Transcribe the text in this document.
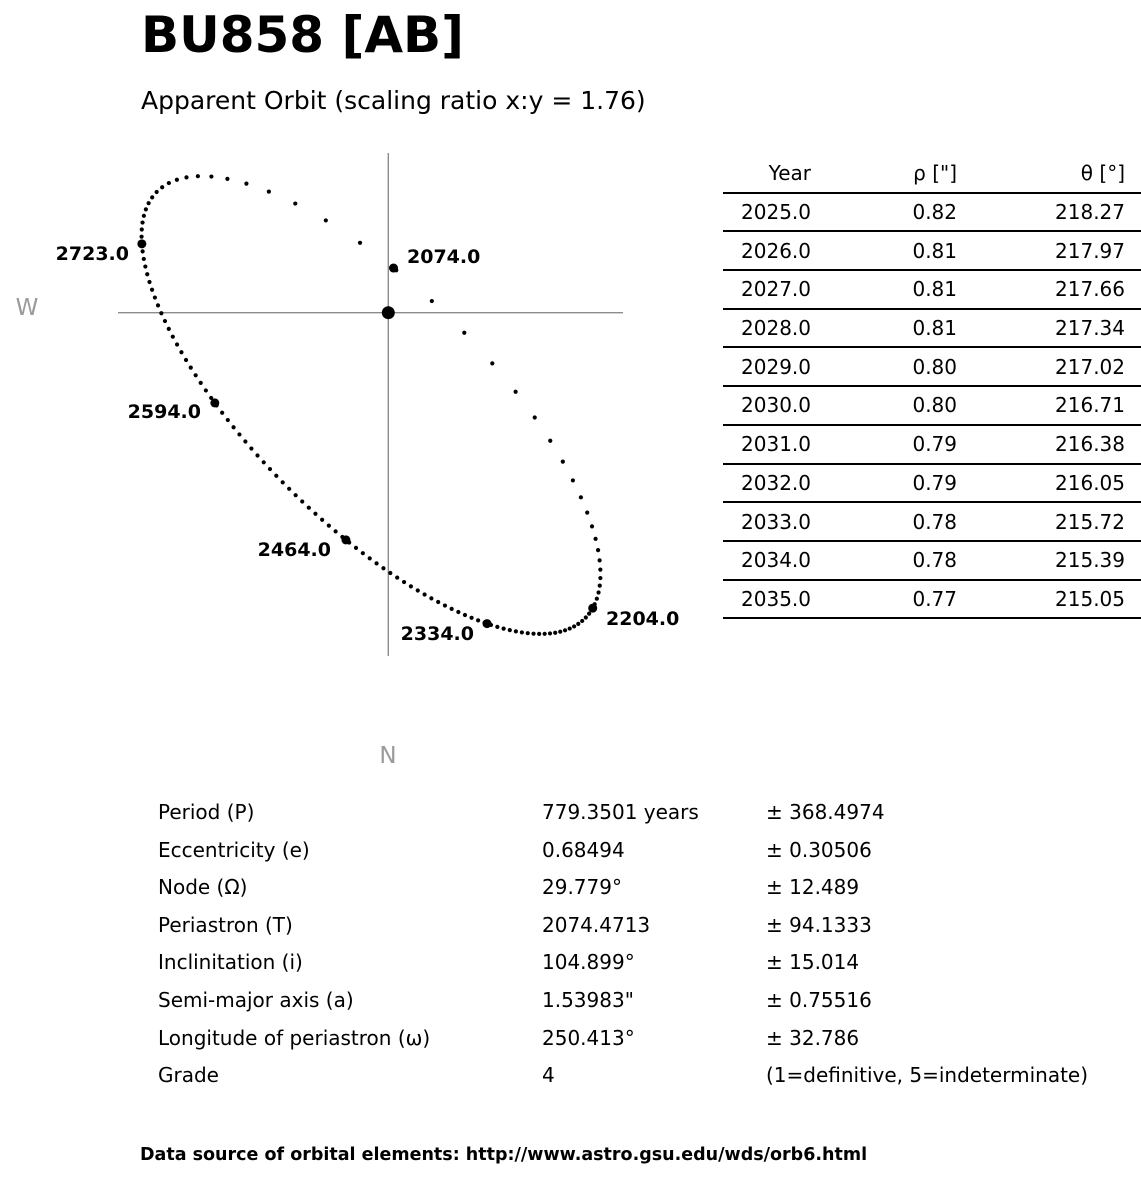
BU858 [AB]
Apparent Orbit (scaling ratio x:y = 1.76)
2074.0
2204.0
2334.0
2464.0
2594.0
2723.0
W
N
Year	ρ ["]	θ [°]
2025.0	0.82	218.27
2026.0	0.81	217.97
2027.0	0.81	217.66
2028.0	0.81	217.34
2029.0	0.80	217.02
2030.0	0.80	216.71
2031.0	0.79	216.38
2032.0	0.79	216.05
2033.0	0.78	215.72
2034.0	0.78	215.39
2035.0	0.77	215.05
Period (P)	779.3501 years	± 368.4974
Eccentricity (e)	0.68494	± 0.30506
Node (Ω)	29.779°	± 12.489
Periastron (T)	2074.4713	± 94.1333
Inclinitation (i)	104.899°	± 15.014
Semi-major axis (a)	1.53983"	± 0.75516
Longitude of periastron (ω)	250.413°	± 32.786
Grade	4	(1=definitive, 5=indeterminate)
Data source of orbital elements: http://www.astro.gsu.edu/wds/orb6.html
